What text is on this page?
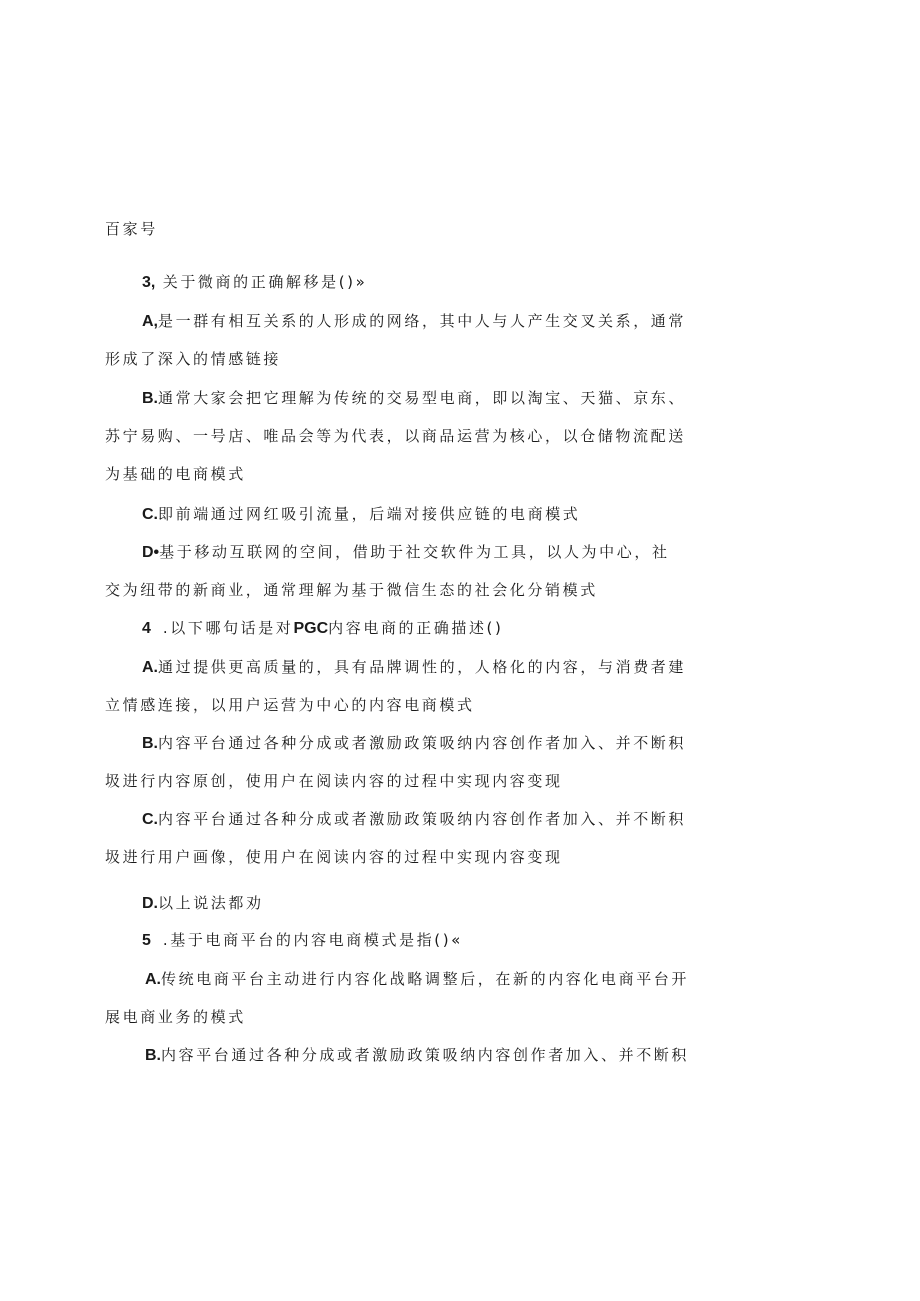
百家号
3, 关于微商的正确解移是()»
A,是一群有相互关系的人形成的网络，其中人与人产生交叉关系，通常
形成了深入的情感链接
B.通常大家会把它理解为传统的交易型电商，即以淘宝、天猫、京东、
苏宁易购、一号店、唯品会等为代表，以商品运营为核心，以仓储物流配送
为基础的电商模式
C.即前端通过网红吸引流量，后端对接供应链的电商模式
D•基于移动互联网的空间，借助于社交软件为工具，以人为中心，社
交为纽带的新商业，通常理解为基于微信生态的社会化分销模式
4 .以下哪句话是对PGC内容电商的正确描述()
A.通过提供更高质量的，具有品牌调性的，人格化的内容，与消费者建
立情感连接，以用户运营为中心的内容电商模式
B.内容平台通过各种分成或者激励政策吸纳内容创作者加入、并不断积
圾进行内容原创，使用户在阅读内容的过程中实现内容变现
C.内容平台通过各种分成或者激励政策吸纳内容创作者加入、并不断积
圾进行用户画像，使用户在阅读内容的过程中实现内容变现
D.以上说法都劝
5 .基于电商平台的内容电商模式是指()«
A.传统电商平台主动进行内容化战略调整后，在新的内容化电商平台开
展电商业务的模式
B.内容平台通过各种分成或者激励政策吸纳内容创作者加入、并不断积
